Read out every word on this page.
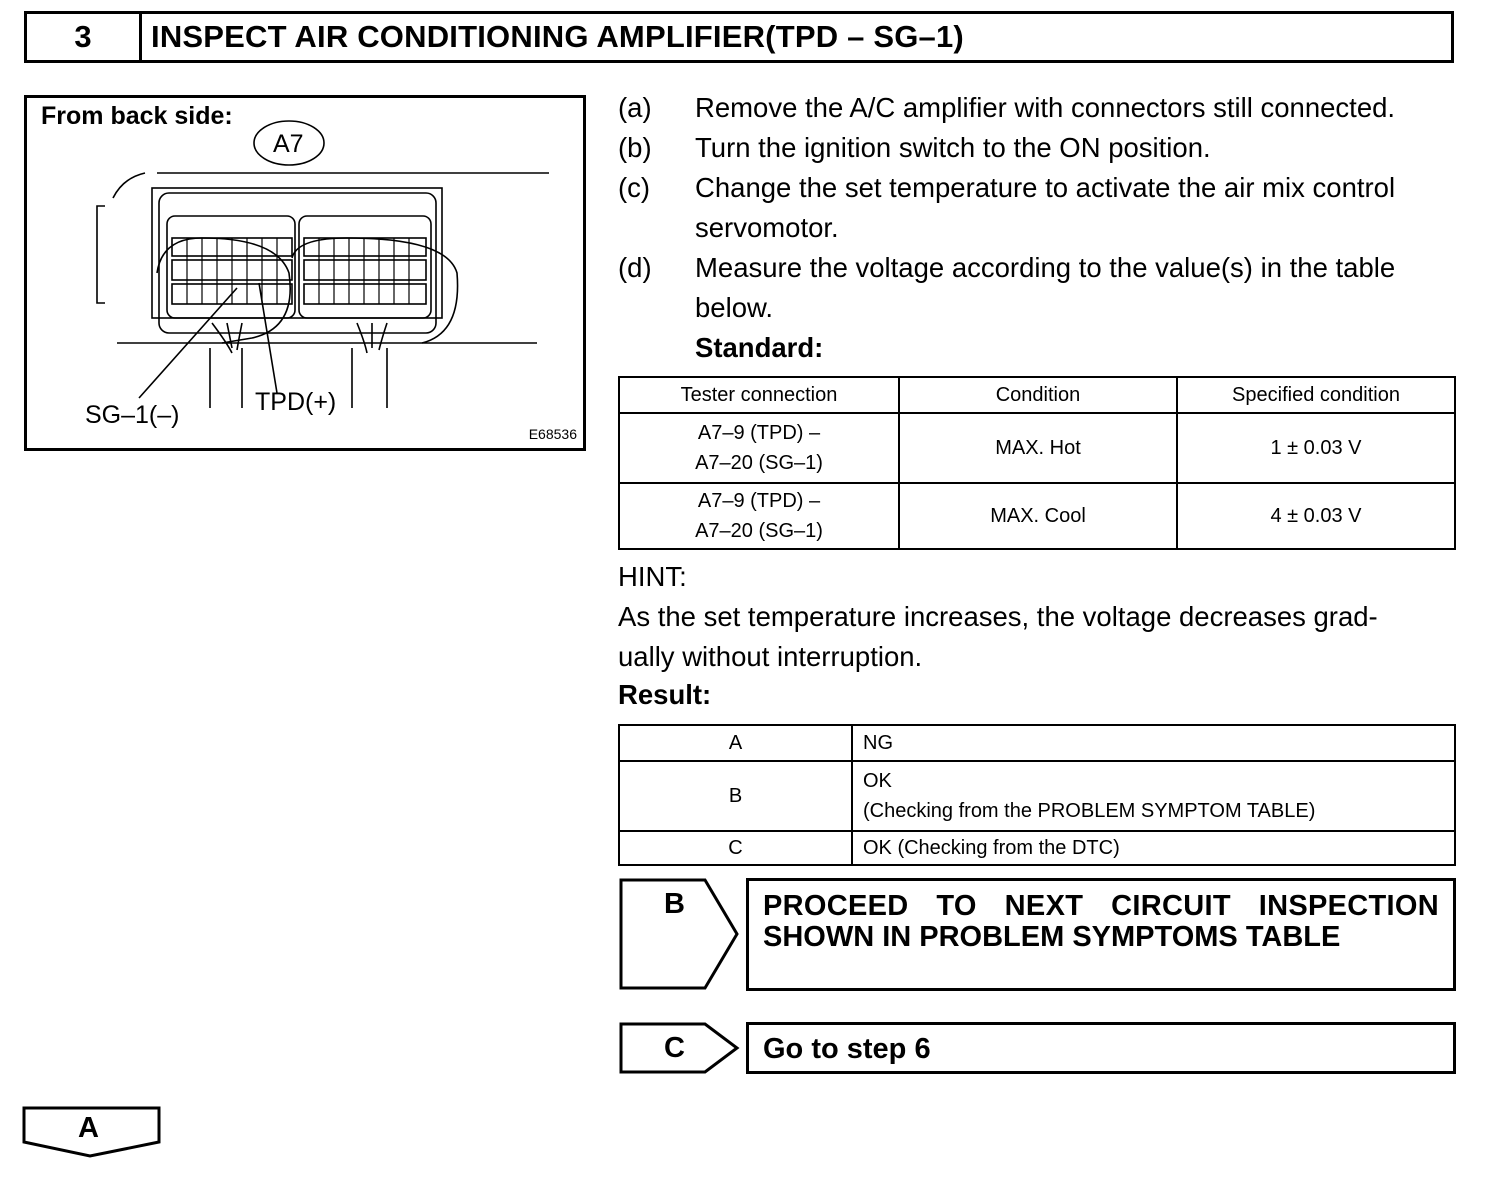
3	INSPECT AIR CONDITIONING AMPLIFIER(TPD – SG–1)
From back side:
A7
SG–1(–)	TPD(+)
E68536
(a) Remove the A/C amplifier with connectors still connected.
(b) Turn the ignition switch to the ON position.
(c) Change the set temperature to activate the air mix control
servomotor.
(d) Measure the voltage according to the value(s) in the table
below.
Standard:
Tester connection	Condition	Specified condition

A7–9 (TPD) –
A7–20 (SG–1)	MAX. Hot	1 ± 0.03 V

A7–9 (TPD) –
A7–20 (SG–1)	MAX. Cool	4 ± 0.03 V
HINT:
As the set temperature increases, the voltage decreases grad-
ually without interruption.
Result:
A	NG
B	OK
(Checking from the PROBLEM SYMPTOM TABLE)

C	OK (Checking from the DTC)
B	PROCEED TO NEXT CIRCUIT INSPECTION
SHOWN IN PROBLEM SYMPTOMS TABLE
C	Go to step 6
A
